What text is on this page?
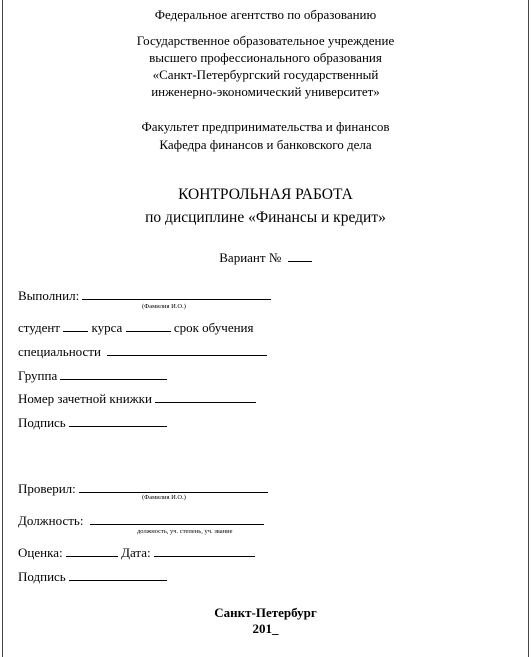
Федеральное агентство по образованию
Государственное образовательное учреждение
высшего профессионального образования
«Санкт-Петербургский государственный
инженерно-экономический университет»
Факультет предпринимательства и финансов
Кафедра финансов и банковского дела
КОНТРОЛЬНАЯ РАБОТА
по дисциплине «Финансы и кредит»
Вариант №
Выполнил:
(Фамилия И.О.)
студент курса	срок обучения
специальности
Группа
Номер зачетной книжки
Подпись
Проверил:
(Фамилия И.О.)
Должность:
должность, уч. степень, уч. звание
Оценка:	Дата:
Подпись
Санкт-Петербург
201_
